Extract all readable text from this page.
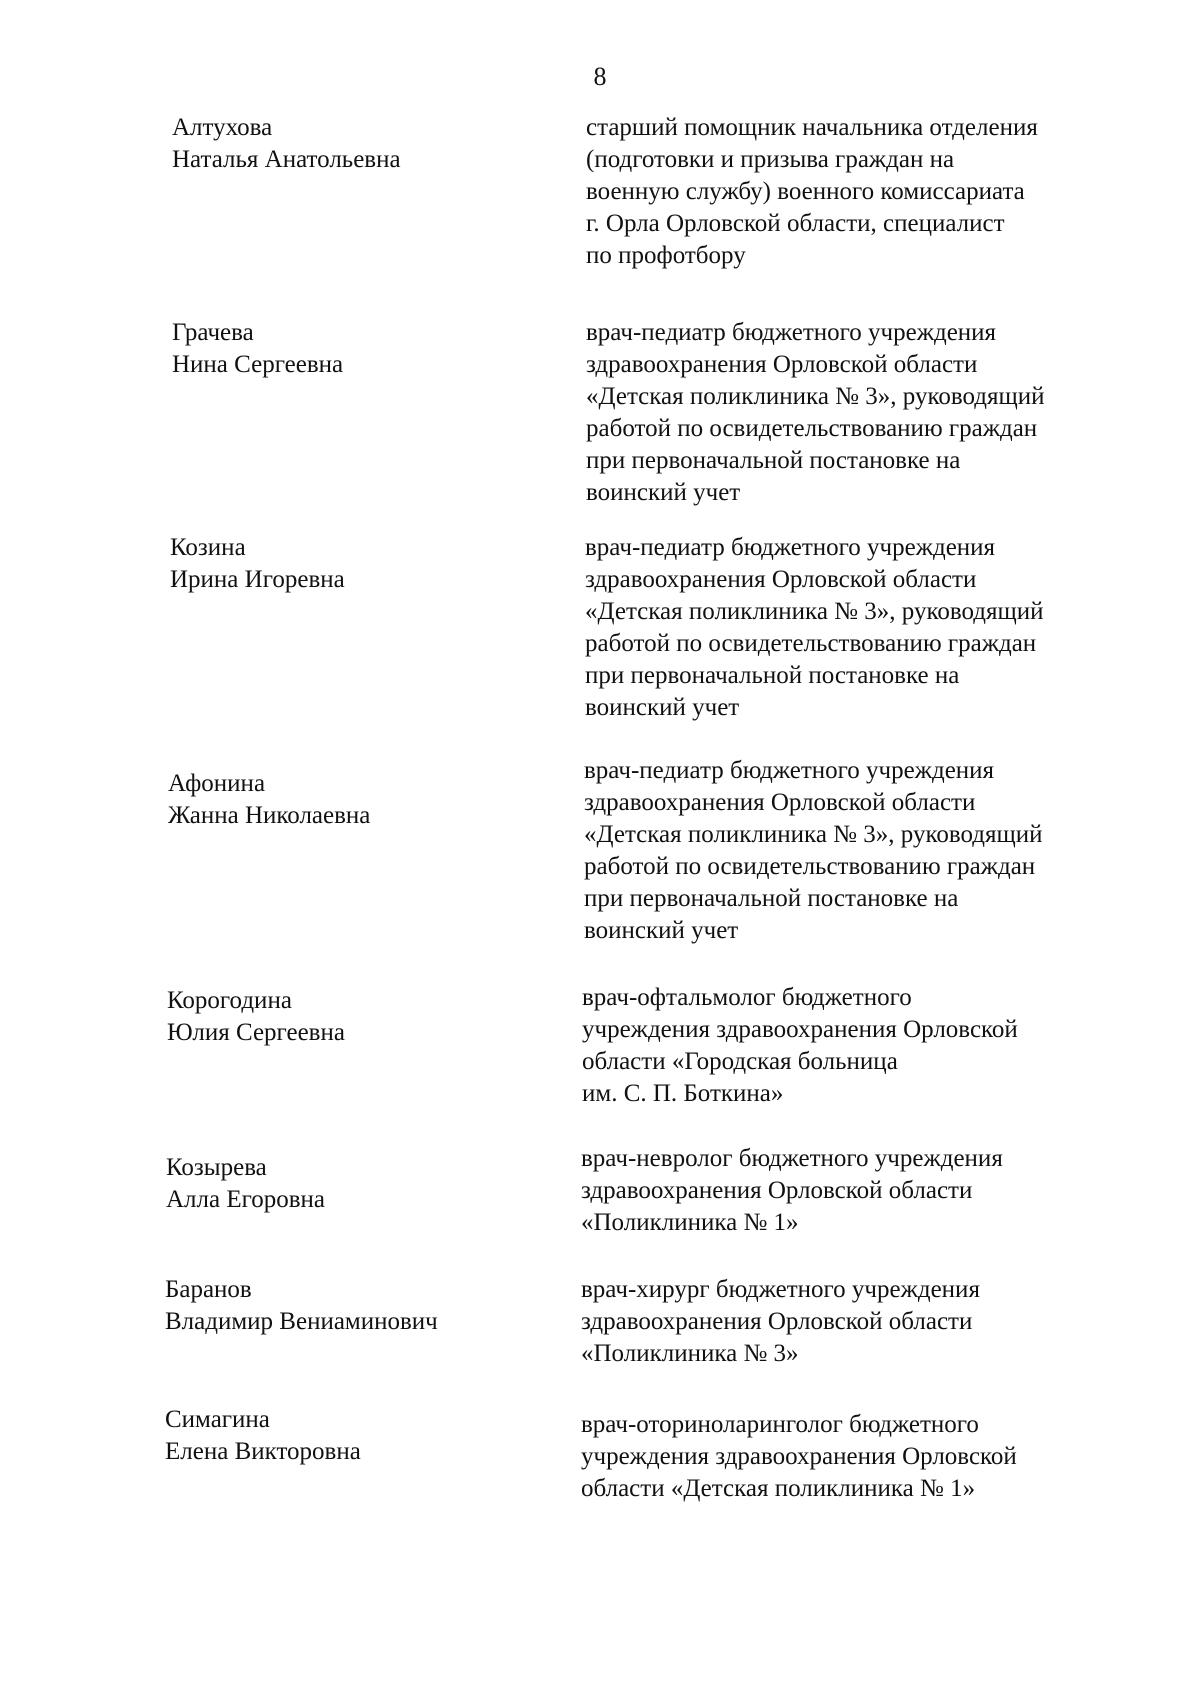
8
Алтухова
Наталья Анатольевна
старший помощник начальника отделения
(подготовки и призыва граждан на
военную службу) военного комиссариата
г. Орла Орловской области, специалист
по профотбору
Грачева
Нина Сергеевна
врач-педиатр бюджетного учреждения
здравоохранения Орловской области
«Детская поликлиника № 3», руководящий
работой по освидетельствованию граждан
при первоначальной постановке на
воинский учет
Козина
Ирина Игоревна
врач-педиатр бюджетного учреждения
здравоохранения Орловской области
«Детская поликлиника № 3», руководящий
работой по освидетельствованию граждан
при первоначальной постановке на
воинский учет
Афонина
Жанна Николаевна
врач-педиатр бюджетного учреждения
здравоохранения Орловской области
«Детская поликлиника № 3», руководящий
работой по освидетельствованию граждан
при первоначальной постановке на
воинский учет
Корогодина
Юлия Сергеевна
врач-офтальмолог бюджетного
учреждения здравоохранения Орловской
области «Городская больница
им. С. П. Боткина»
Козырева
Алла Егоровна
врач-невролог бюджетного учреждения
здравоохранения Орловской области
«Поликлиника № 1»
Баранов
Владимир Вениаминович
врач-хирург бюджетного учреждения
здравоохранения Орловской области
«Поликлиника № 3»
Симагина
Елена Викторовна
врач-оториноларинголог бюджетного
учреждения здравоохранения Орловской
области «Детская поликлиника № 1»
